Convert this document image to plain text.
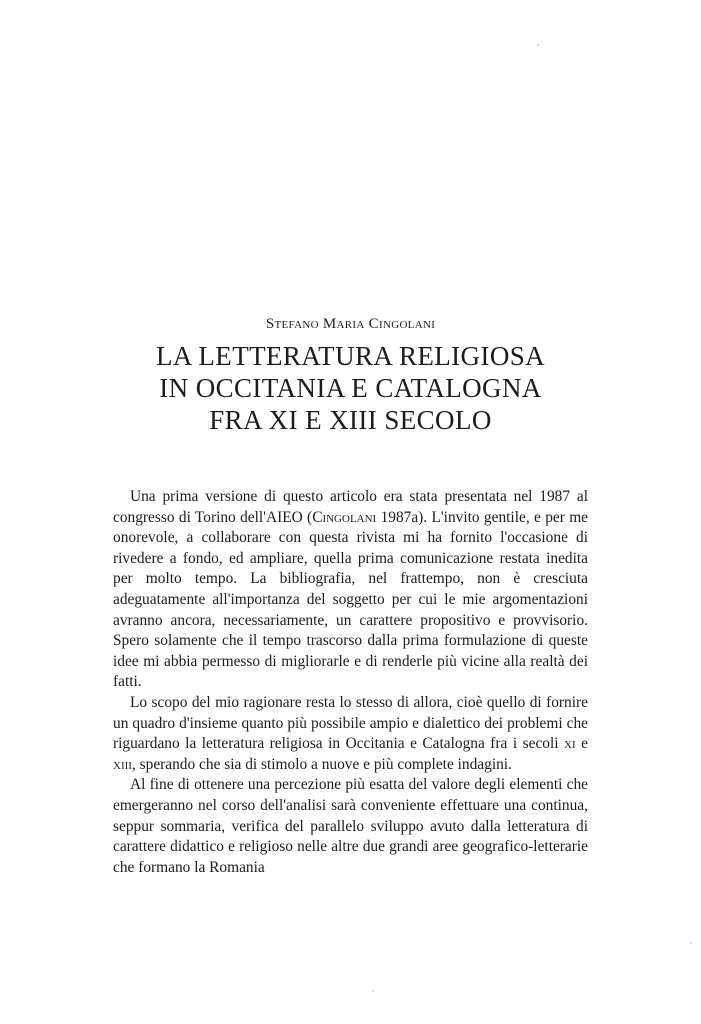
Stefano Maria Cingolani

LA LETTERATURA RELIGIOSA
IN OCCITANIA E CATALOGNA
FRA XI E XIII SECOLO

Una prima versione di questo articolo era stata presentata nel 1987 al congresso di Torino dell'AIEO (Cingolani 1987a). L'invito gentile, e per me onorevole, a collaborare con questa rivista mi ha fornito l'occasione di rivedere a fondo, ed ampliare, quella prima comunicazione restata inedita per molto tempo. La bibliografia, nel frattempo, non è cresciuta adeguatamente all'importanza del soggetto per cui le mie argomentazioni avranno ancora, necessariamente, un carattere propositivo e provvisorio. Spero solamente che il tempo trascorso dalla prima formulazione di queste idee mi abbia permesso di migliorarle e di renderle più vicine alla realtà dei fatti.

Lo scopo del mio ragionare resta lo stesso di allora, cioè quello di fornire un quadro d'insieme quanto più possibile ampio e dialettico dei problemi che riguardano la letteratura religiosa in Occitania e Catalogna fra i secoli xi e xiii, sperando che sia di stimolo a nuove e più complete indagini.

Al fine di ottenere una percezione più esatta del valore degli elementi che emergeranno nel corso dell'analisi sarà conveniente effettuare una continua, seppur sommaria, verifica del parallelo sviluppo avuto dalla letteratura di carattere didattico e religioso nelle altre due grandi aree geografico-letterarie che formano la Romania
